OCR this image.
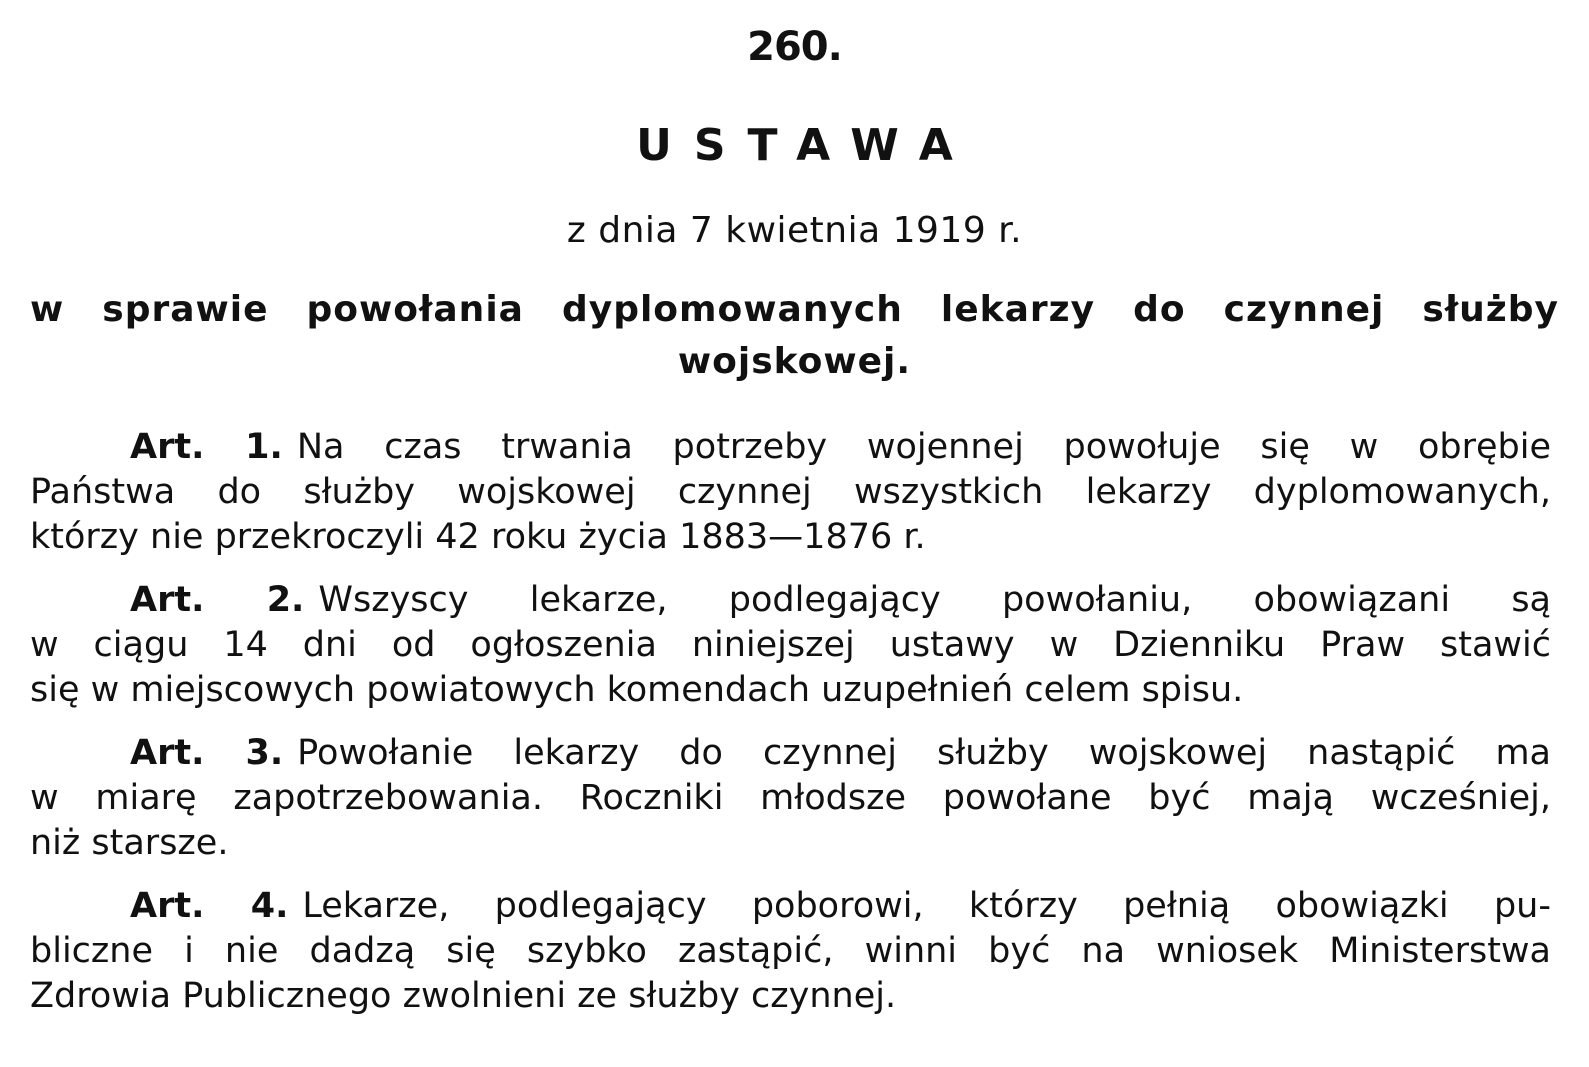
260.
USTAWA
z dnia 7 kwietnia 1919 r.
w sprawie powołania dyplomowanych lekarzy do czynnej służby
wojskowej.
Art. 1. Na czas trwania potrzeby wojennej powołuje się w obrębie
Państwa do służby wojskowej czynnej wszystkich lekarzy dyplomowanych,
którzy nie przekroczyli 42 roku życia 1883—1876 r.
Art. 2. Wszyscy lekarze, podlegający powołaniu, obowiązani są
w ciągu 14 dni od ogłoszenia niniejszej ustawy w Dzienniku Praw stawić
się w miejscowych powiatowych komendach uzupełnień celem spisu.
Art. 3. Powołanie lekarzy do czynnej służby wojskowej nastąpić ma
w miarę zapotrzebowania. Roczniki młodsze powołane być mają wcześniej,
niż starsze.
Art. 4. Lekarze, podlegający poborowi, którzy pełnią obowiązki pu-
bliczne i nie dadzą się szybko zastąpić, winni być na wniosek Ministerstwa
Zdrowia Publicznego zwolnieni ze służby czynnej.
